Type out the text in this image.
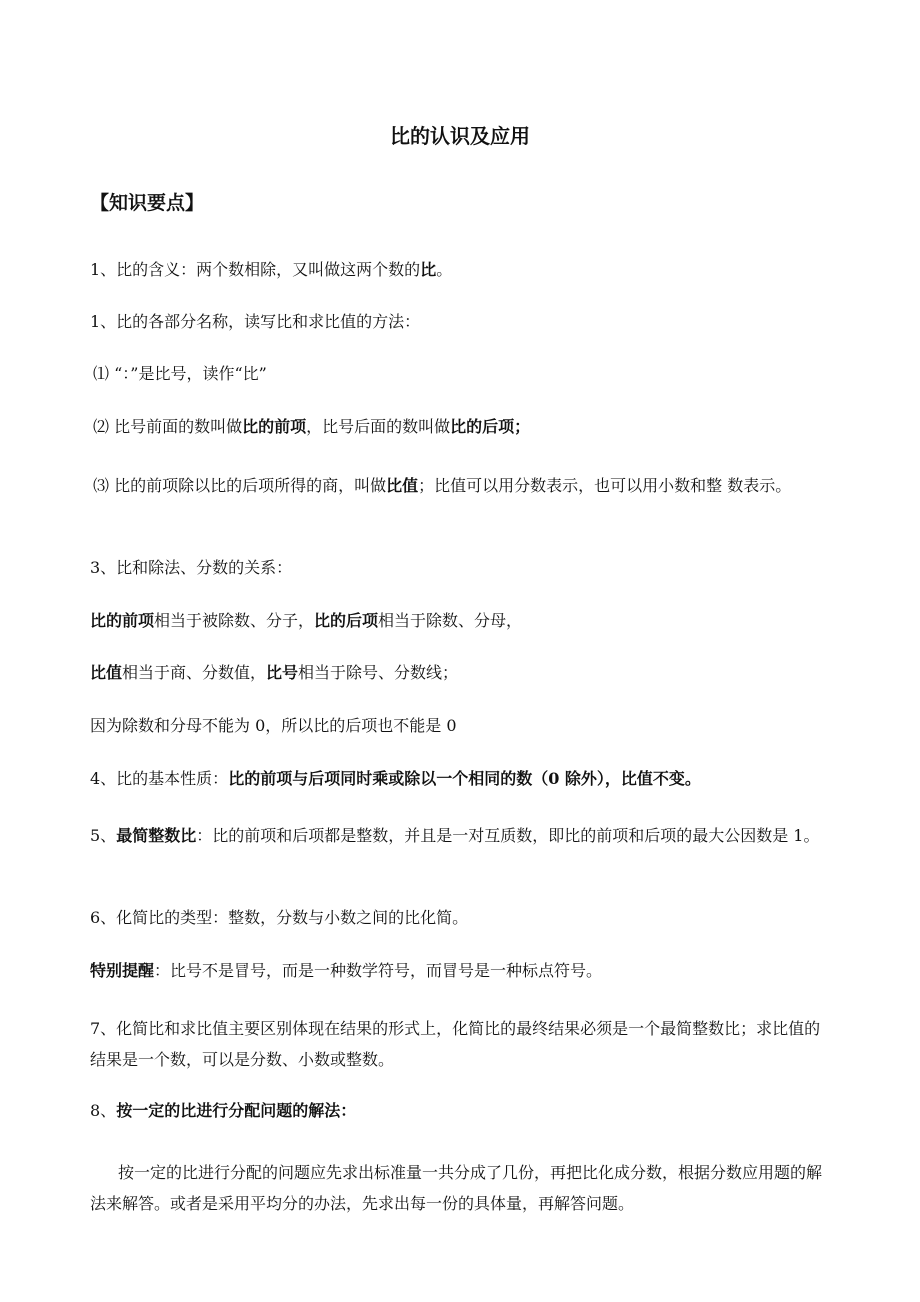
比的认识及应用
【知识要点】
1、比的含义：两个数相除，又叫做这两个数的比。
1、比的各部分名称，读写比和求比值的方法：
⑴ “：”是比号，读作“比”
⑵ 比号前面的数叫做比的前项，比号后面的数叫做比的后项；
⑶ 比的前项除以比的后项所得的商，叫做比值；比值可以用分数表示，也可以用小数和整 数表示。
3、比和除法、分数的关系：
比的前项相当于被除数、分子，比的后项相当于除数、分母，
比值相当于商、分数值，比号相当于除号、分数线；
因为除数和分母不能为 0，所以比的后项也不能是 0
4、比的基本性质：比的前项与后项同时乘或除以一个相同的数（0 除外），比值不变。
5、最简整数比：比的前项和后项都是整数，并且是一对互质数，即比的前项和后项的最大公因数是 1。
6、化简比的类型：整数，分数与小数之间的比化简。
特别提醒：比号不是冒号，而是一种数学符号，而冒号是一种标点符号。
7、化简比和求比值主要区别体现在结果的形式上，化简比的最终结果必须是一个最简整数比；求比值的结果是一个数，可以是分数、小数或整数。
8、按一定的比进行分配问题的解法：
按一定的比进行分配的问题应先求出标准量一共分成了几份，再把比化成分数，根据分数应用题的解法来解答。或者是采用平均分的办法，先求出每一份的具体量，再解答问题。
